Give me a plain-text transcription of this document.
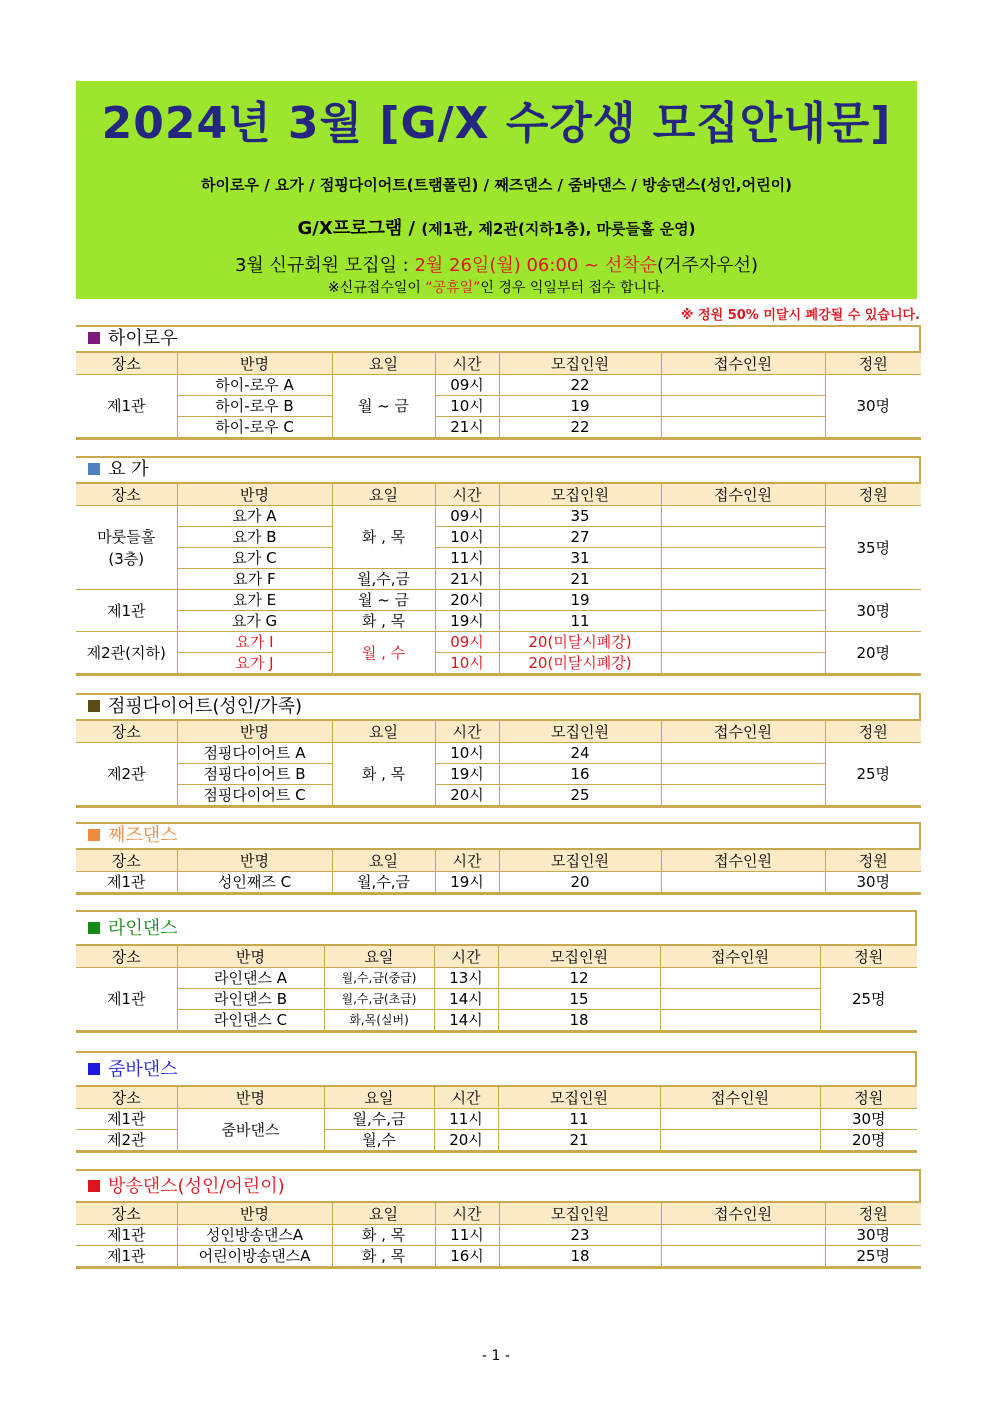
2024년 3월 [G/X 수강생 모집안내문]
하이로우 / 요가 / 점핑다이어트(트램폴린) / 째즈댄스 / 줌바댄스 / 방송댄스(성인,어린이)
G/X프로그램 / (제1관, 제2관(지하1층), 마룻들홀 운영)
3월 신규회원 모집일 : 2월 26일(월) 06:00 ~ 선착순(거주자우선)
※신규접수일이 “공휴일”인 경우 익일부터 접수 합니다.
※ 정원 50% 미달시 폐강될 수 있습니다.
하이로우
장소	반명	요일	시간	모집인원	접수인원	정원
제1관	하이-로우 A	월 ~ 금	09시	22		30명
	하이-로우 B		10시	19		
	하이-로우 C		21시	22		
요 가
장소	반명	요일	시간	모집인원	접수인원	정원
마룻들홀
(3층)	요가 A	화 , 목	09시	35		35명
	요가 B		10시	27		
	요가 C		11시	31		
	요가 F	월,수,금	21시	21		
제1관	요가 E	월 ~ 금	20시	19		30명
	요가 G	화 , 목	19시	11		
제2관(지하)	요가 I	월 , 수	09시	20(미달시폐강)		20명
	요가 J		10시	20(미달시폐강)		
점핑다이어트(성인/가족)
장소	반명	요일	시간	모집인원	접수인원	정원
제2관	점핑다이어트 A	화 , 목	10시	24		25명
	점핑다이어트 B		19시	16		
	점핑다이어트 C		20시	25		
째즈댄스
장소	반명	요일	시간	모집인원	접수인원	정원
제1관	성인째즈 C	월,수,금	19시	20		30명
라인댄스
장소	반명	요일	시간	모집인원	접수인원	정원
제1관	라인댄스 A	월,수,금(중급)	13시	12		25명
	라인댄스 B	월,수,금(초급)	14시	15		
	라인댄스 C	화,목(실버)	14시	18		
줌바댄스
장소	반명	요일	시간	모집인원	접수인원	정원
제1관	줌바댄스	월,수,금	11시	11		30명
제2관		월,수	20시	21		20명
방송댄스(성인/어린이)
장소	반명	요일	시간	모집인원	접수인원	정원
제1관	성인방송댄스A	화 , 목	11시	23		30명
제1관	어린이방송댄스A	화 , 목	16시	18		25명
- 1 -
